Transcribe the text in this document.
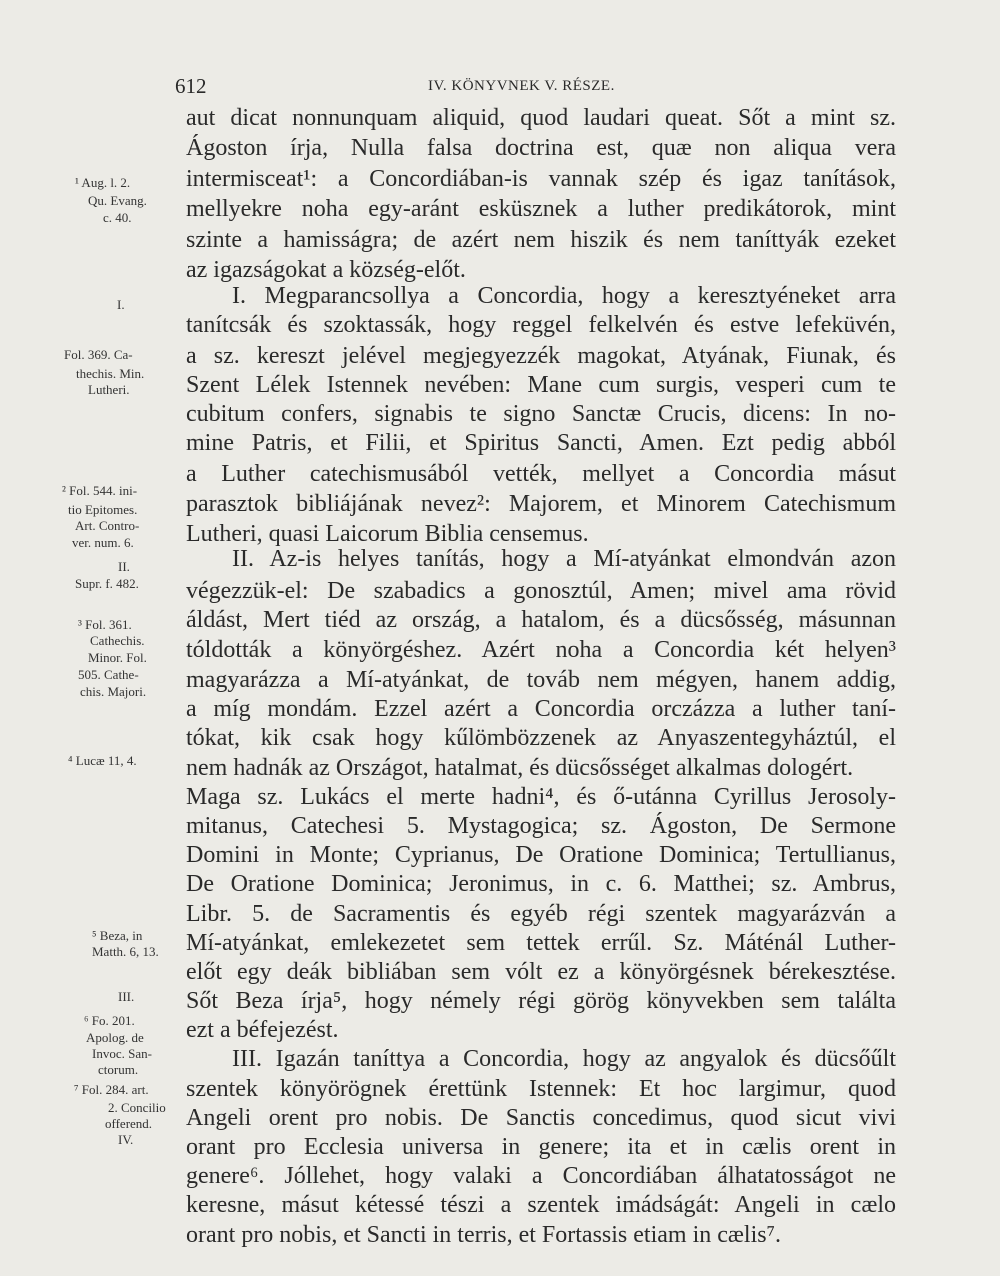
612	IV. KÖNYVNEK V. RÉSZE.
aut dicat nonnunquam aliquid, quod laudari queat. Sőt a mint sz.
Ágoston írja, Nulla falsa doctrina est, quæ non aliqua vera
intermisceat¹: a Concordiában-is vannak szép és igaz tanítások,
mellyekre noha egy-aránt esküsznek a luther predikátorok, mint
szinte a hamisságra; de azért nem hiszik és nem taníttyák ezeket
az igazságokat a község-előt.
I. Megparancsollya a Concordia, hogy a keresztyéneket arra
tanítcsák és szoktassák, hogy reggel felkelvén és estve lefeküvén,
a sz. kereszt jelével megjegyezzék magokat, Atyának, Fiunak, és
Szent Lélek Istennek nevében: Mane cum surgis, vesperi cum te
cubitum confers, signabis te signo Sanctæ Crucis, dicens: In no-
mine Patris, et Filii, et Spiritus Sancti, Amen. Ezt pedig abból
a Luther catechismusából vették, mellyet a Concordia másut
parasztok bibliájának nevez²: Majorem, et Minorem Catechismum
Lutheri, quasi Laicorum Biblia censemus.
II. Az-is helyes tanítás, hogy a Mí-atyánkat elmondván azon
végezzük-el: De szabadics a gonosztúl, Amen; mivel ama rövid
áldást, Mert tiéd az ország, a hatalom, és a dücsősség, másunnan
tóldották a könyörgéshez. Azért noha a Concordia két helyen³
magyarázza a Mí-atyánkat, de továb nem mégyen, hanem addig,
a míg mondám. Ezzel azért a Concordia orczázza a luther taní-
tókat, kik csak hogy kűlömbözzenek az Anyaszentegyháztúl, el
nem hadnák az Országot, hatalmat, és dücsősséget alkalmas dologért.
Maga sz. Lukács el merte hadni⁴, és ő-utánna Cyrillus Jerosoly-
mitanus, Catechesi 5. Mystagogica; sz. Ágoston, De Sermone
Domini in Monte; Cyprianus, De Oratione Dominica; Tertullianus,
De Oratione Dominica; Jeronimus, in c. 6. Matthei; sz. Ambrus,
Libr. 5. de Sacramentis és egyéb régi szentek magyarázván a
Mí-atyánkat, emlekezetet sem tettek errűl. Sz. Máténál Luther-
előt egy deák bibliában sem vólt ez a könyörgésnek bérekesztése.
Sőt Beza írja⁵, hogy némely régi görög könyvekben sem találta
ezt a béfejezést.
III. Igazán taníttya a Concordia, hogy az angyalok és dücsőűlt
szentek könyörögnek érettünk Istennek: Et hoc largimur, quod
Angeli orent pro nobis. De Sanctis concedimus, quod sicut vivi
orant pro Ecclesia universa in genere; ita et in cælis orent in
genere⁶. Jóllehet, hogy valaki a Concordiában álhatatosságot ne
keresne, másut kétessé tészi a szentek imádságát: Angeli in cælo
orant pro nobis, et Sancti in terris, et Fortassis etiam in cælis⁷.
¹ Aug. l. 2.
Qu. Evang.
c. 40.
I.
Fol. 369. Ca-
thechis. Min.
Lutheri.
² Fol. 544. ini-
tio Epitomes.
Art. Contro-
ver. num. 6.
II.
Supr. f. 482.
³ Fol. 361.
Cathechis.
Minor. Fol.
505. Cathe-
chis. Majori.
⁴ Lucæ 11, 4.
⁵ Beza, in
Matth. 6, 13.
III.
⁶ Fo. 201.
Apolog. de
Invoc. San-
ctorum.
⁷ Fol. 284. art.
2. Concilio
offerend.
IV.
